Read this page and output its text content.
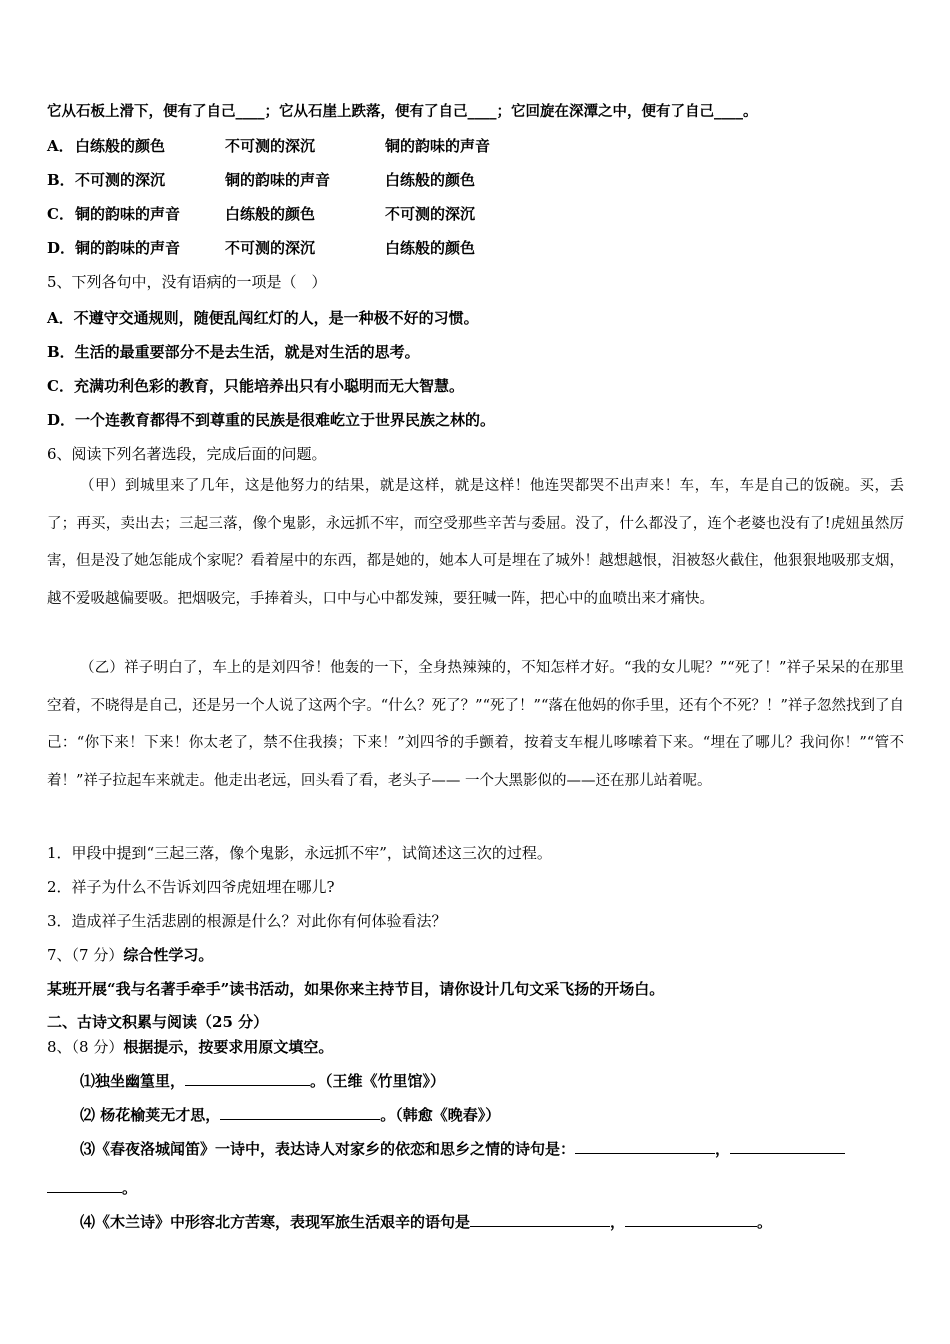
它从石板上滑下，便有了自己____；它从石崖上跌落，便有了自己____；它回旋在深潭之中，便有了自己____。
A．白练般的颜色	不可测的深沉	铜的韵味的声音
B．不可测的深沉	铜的韵味的声音	白练般的颜色
C．铜的韵味的声音	白练般的颜色	不可测的深沉
D．铜的韵味的声音	不可测的深沉	白练般的颜色
5、下列各句中，没有语病的一项是（　）
A．不遵守交通规则，随便乱闯红灯的人，是一种极不好的习惯。
B．生活的最重要部分不是去生活，就是对生活的思考。
C．充满功利色彩的教育，只能培养出只有小聪明而无大智慧。
D．一个连教育都得不到尊重的民族是很难屹立于世界民族之林的。
6、阅读下列名著选段，完成后面的问题。

（甲）到城里来了几年，这是他努力的结果，就是这样，就是这样！他连哭都哭不出声来！车，车，车是自己的饭碗。买，丢了；再买，卖出去；三起三落，像个鬼影，永远抓不牢，而空受那些辛苦与委屈。没了，什么都没了，连个老婆也没有了!虎妞虽然厉害，但是没了她怎能成个家呢？看着屋中的东西，都是她的，她本人可是埋在了城外！越想越恨，泪被怒火截住，他狠狠地吸那支烟，越不爱吸越偏要吸。把烟吸完，手捧着头，口中与心中都发辣，要狂喊一阵，把心中的血喷出来才痛快。

（乙）祥子明白了，车上的是刘四爷！他轰的一下，全身热辣辣的，不知怎样才好。“我的女儿呢？”“死了！”祥子呆呆的在那里空着，不晓得是自己，还是另一个人说了这两个字。“什么？死了？”“死了！”“落在他妈的你手里，还有个不死？！”祥子忽然找到了自己：“你下来！下来！你太老了，禁不住我揍；下来！”刘四爷的手颤着，按着支车棍儿哆嗦着下来。“埋在了哪儿？我问你！”“管不着！”祥子拉起车来就走。他走出老远，回头看了看，老头子—— 一个大黑影似的——还在那儿站着呢。

1．甲段中提到“三起三落，像个鬼影，永远抓不牢”，试简述这三次的过程。
2．祥子为什么不告诉刘四爷虎妞埋在哪儿?
3．造成祥子生活悲剧的根源是什么？对此你有何体验看法？
7、（7 分）综合性学习。
某班开展“我与名著手牵手”读书活动，如果你来主持节目，请你设计几句文采飞扬的开场白。
二、古诗文积累与阅读（25 分）
8、（8 分）根据提示，按要求用原文填空。
⑴独坐幽篁里，	。（王维《竹里馆》）
⑵ 杨花榆荚无才思，	。（韩愈《晚春》）
⑶《春夜洛城闻笛》一诗中，表达诗人对家乡的依恋和思乡之情的诗句是：	，
。
⑷《木兰诗》中形容北方苦寒，表现军旅生活艰辛的语句是	，	。
